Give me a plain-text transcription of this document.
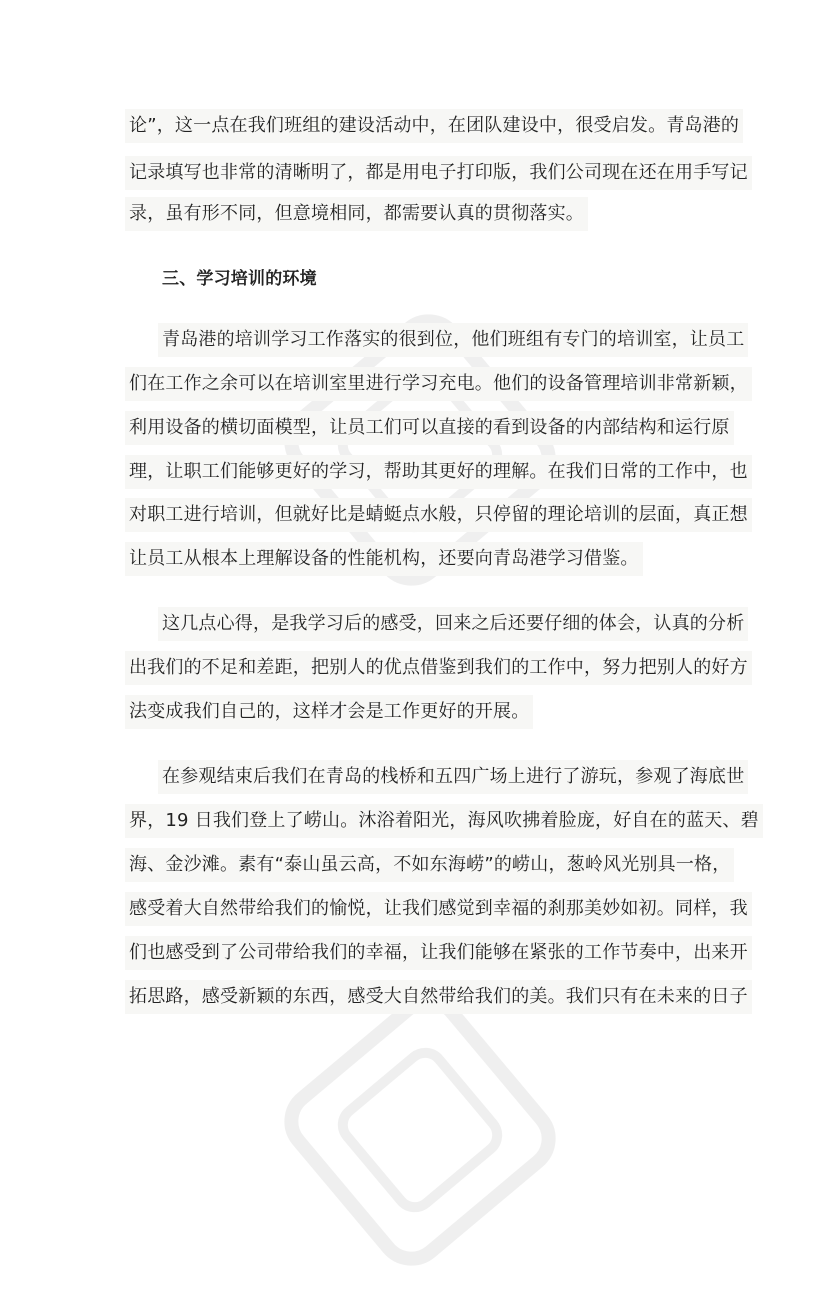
论”，这一点在我们班组的建设活动中，在团队建设中，很受启发。青岛港的
记录填写也非常的清晰明了，都是用电子打印版，我们公司现在还在用手写记
录，虽有形不同，但意境相同，都需要认真的贯彻落实。
三、学习培训的环境
青岛港的培训学习工作落实的很到位，他们班组有专门的培训室，让员工
们在工作之余可以在培训室里进行学习充电。他们的设备管理培训非常新颖，
利用设备的横切面模型，让员工们可以直接的看到设备的内部结构和运行原
理，让职工们能够更好的学习，帮助其更好的理解。在我们日常的工作中，也
对职工进行培训，但就好比是蜻蜓点水般，只停留的理论培训的层面，真正想
让员工从根本上理解设备的性能机构，还要向青岛港学习借鉴。
这几点心得，是我学习后的感受，回来之后还要仔细的体会，认真的分析
出我们的不足和差距，把别人的优点借鉴到我们的工作中，努力把别人的好方
法变成我们自己的，这样才会是工作更好的开展。
在参观结束后我们在青岛的栈桥和五四广场上进行了游玩，参观了海底世
界，19 日我们登上了崂山。沐浴着阳光，海风吹拂着脸庞，好自在的蓝天、碧
海、金沙滩。素有“泰山虽云高，不如东海崂”的崂山，葱岭风光别具一格，
感受着大自然带给我们的愉悦，让我们感觉到幸福的刹那美妙如初。同样，我
们也感受到了公司带给我们的幸福，让我们能够在紧张的工作节奏中，出来开
拓思路，感受新颖的东西，感受大自然带给我们的美。我们只有在未来的日子
